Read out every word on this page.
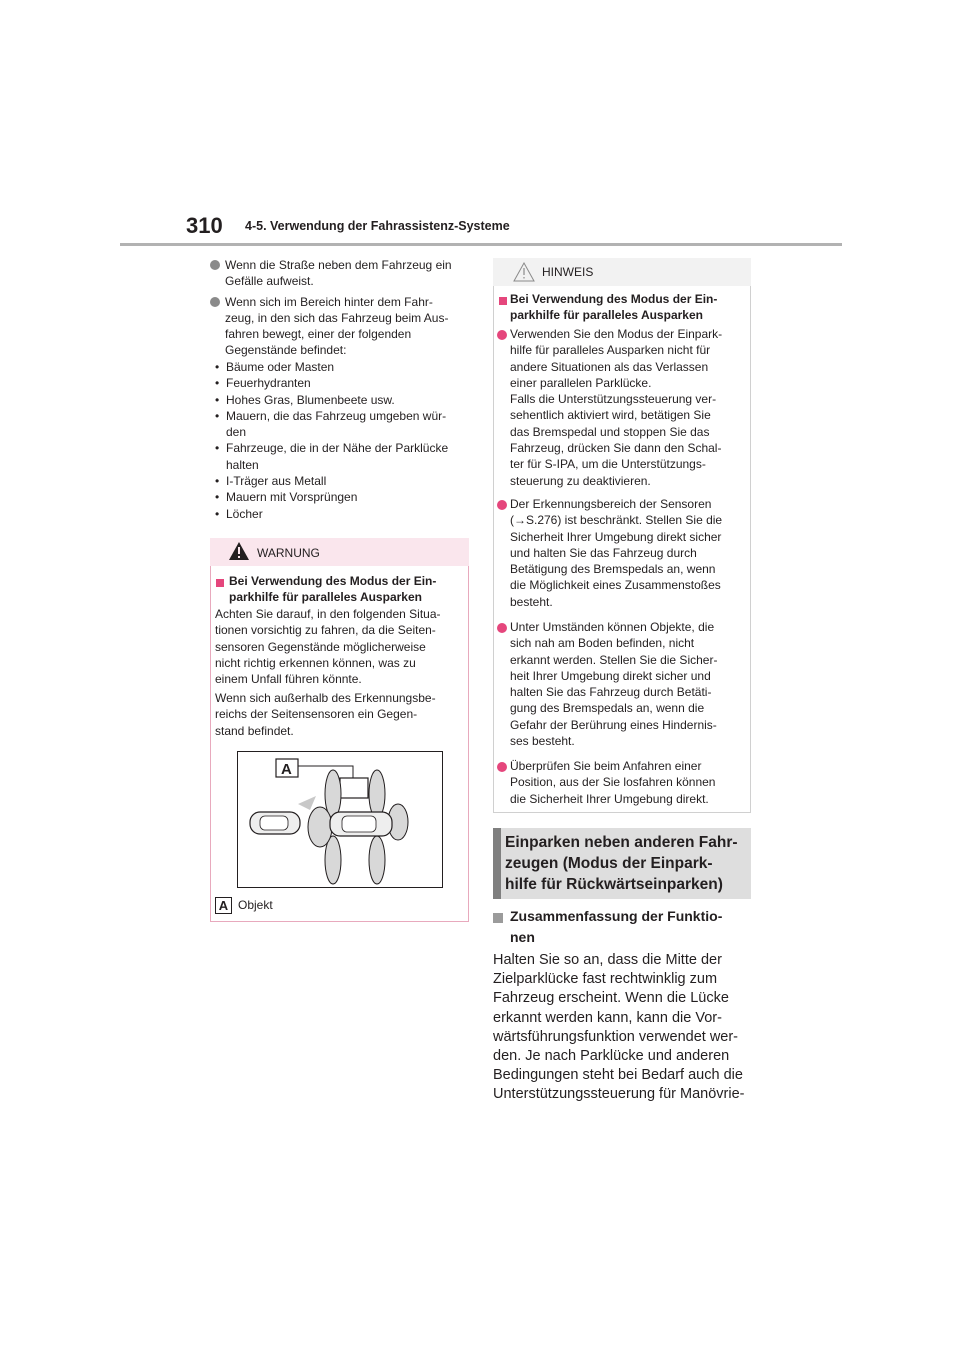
310 4-5. Verwendung der Fahrassistenz-Systeme
Wenn die Straße neben dem Fahrzeug ein
Gefälle aufweist.
Wenn sich im Bereich hinter dem Fahr-
zeug, in den sich das Fahrzeug beim Aus-
fahren bewegt, einer der folgenden
Gegenstände befindet:
• Bäume oder Masten
• Feuerhydranten
• Hohes Gras, Blumenbeete usw.
• Mauern, die das Fahrzeug umgeben wür-
den
• Fahrzeuge, die in der Nähe der Parklücke
halten
• I-Träger aus Metall
• Mauern mit Vorsprüngen
• Löcher
WARNUNG
Bei Verwendung des Modus der Ein-
parkhilfe für paralleles Ausparken
Achten Sie darauf, in den folgenden Situa-
tionen vorsichtig zu fahren, da die Seiten-
sensoren Gegenstände möglicherweise
nicht richtig erkennen können, was zu
einem Unfall führen könnte.
Wenn sich außerhalb des Erkennungsbe-
reichs der Seitensensoren ein Gegen-
stand befindet.
A
A Objekt
HINWEIS
Bei Verwendung des Modus der Ein-
parkhilfe für paralleles Ausparken
Verwenden Sie den Modus der Einpark-
hilfe für paralleles Ausparken nicht für
andere Situationen als das Verlassen
einer parallelen Parklücke.
Falls die Unterstützungssteuerung ver-
sehentlich aktiviert wird, betätigen Sie
das Bremspedal und stoppen Sie das
Fahrzeug, drücken Sie dann den Schal-
ter für S-IPA, um die Unterstützungs-
steuerung zu deaktivieren.
Der Erkennungsbereich der Sensoren
(→S.276) ist beschränkt. Stellen Sie die
Sicherheit Ihrer Umgebung direkt sicher
und halten Sie das Fahrzeug durch
Betätigung des Bremspedals an, wenn
die Möglichkeit eines Zusammenstoßes
besteht.
Unter Umständen können Objekte, die
sich nah am Boden befinden, nicht
erkannt werden. Stellen Sie die Sicher-
heit Ihrer Umgebung direkt sicher und
halten Sie das Fahrzeug durch Betäti-
gung des Bremspedals an, wenn die
Gefahr der Berührung eines Hindernis-
ses besteht.
Überprüfen Sie beim Anfahren einer
Position, aus der Sie losfahren können
die Sicherheit Ihrer Umgebung direkt.
Einparken neben anderen Fahr-
zeugen (Modus der Einpark-
hilfe für Rückwärtseinparken)
Zusammenfassung der Funktio-
nen
Halten Sie so an, dass die Mitte der
Zielparklücke fast rechtwinklig zum
Fahrzeug erscheint. Wenn die Lücke
erkannt werden kann, kann die Vor-
wärtsführungsfunktion verwendet wer-
den. Je nach Parklücke und anderen
Bedingungen steht bei Bedarf auch die
Unterstützungssteuerung für Manövrie-
